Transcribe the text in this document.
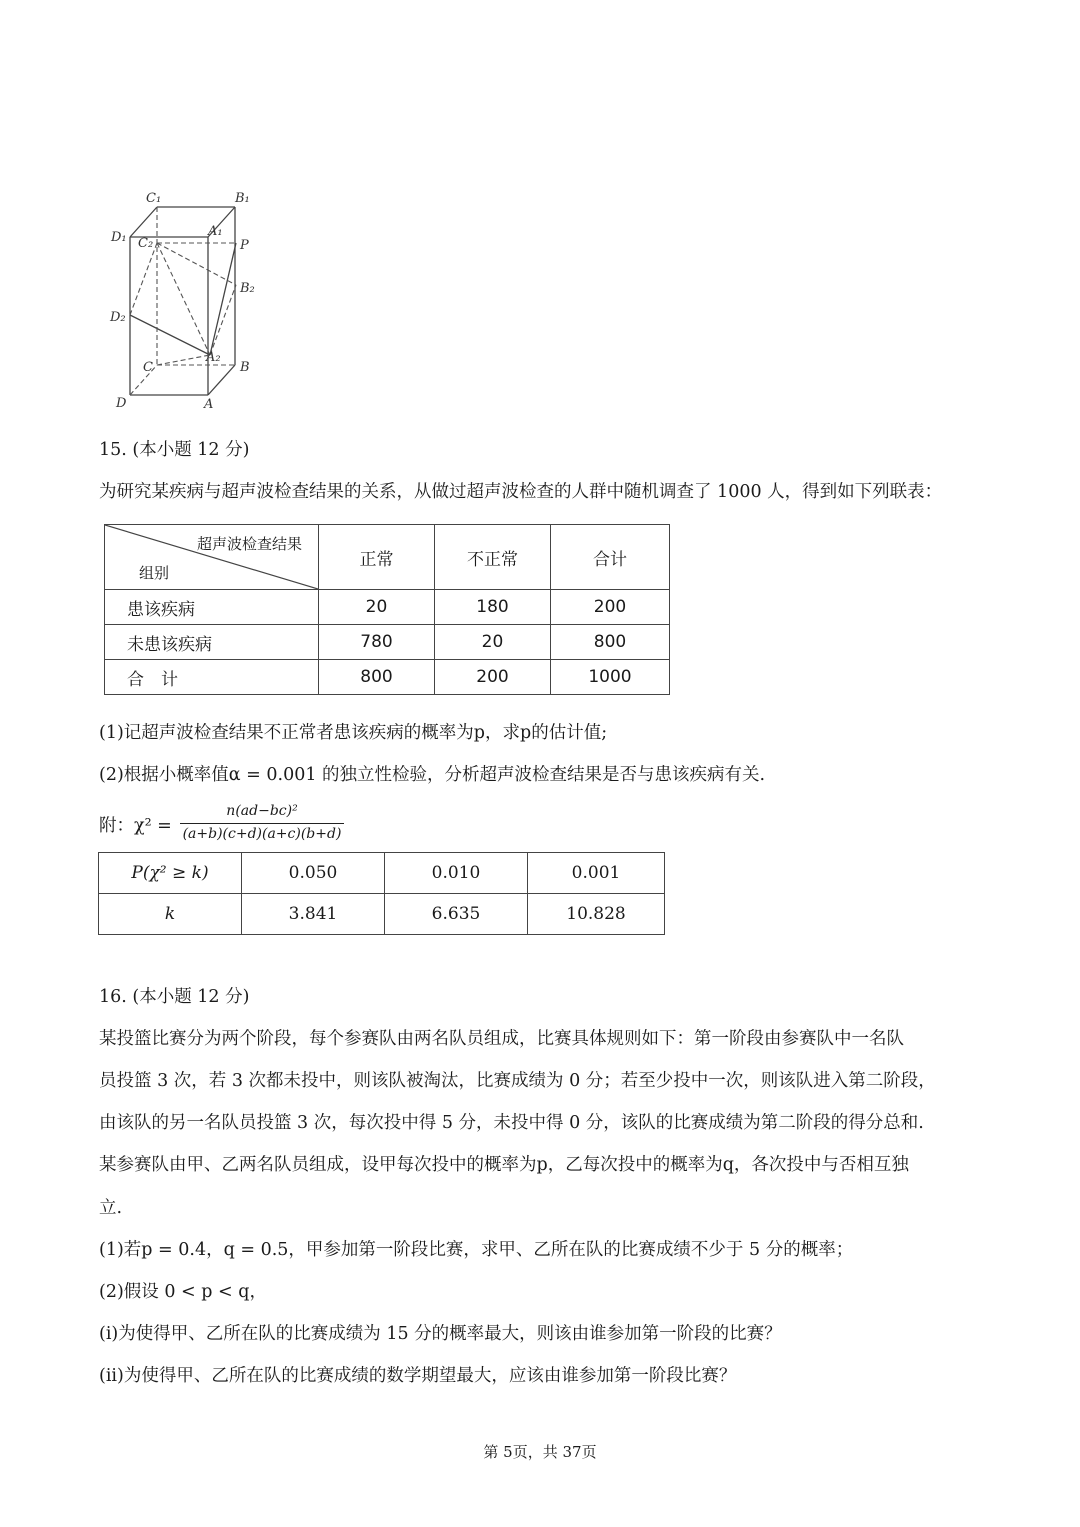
C₁	B₁
D₁ C₂
A₁
P
B₂
D₂
C
A₂
B
D	A
15. (本小题 12 分)
为研究某疾病与超声波检查结果的关系，从做过超声波检查的人群中随机调查了 1000 人，得到如下列联表：
超声波检查结果
组别	正常	不正常	合计
患该疾病	20	180	200
未患该疾病	780	20	800
合　计	800	200	1000
(1)记超声波检查结果不正常者患该疾病的概率为p，求p的估计值;
(2)根据小概率值α = 0.001 的独立性检验，分析超声波检查结果是否与患该疾病有关.
附：χ² =
n(ad−bc)²
(a+b)(c+d)(a+c)(b+d)
P(χ² ≥ k)	0.050	0.010	0.001
k	3.841	6.635	10.828
16. (本小题 12 分)
某投篮比赛分为两个阶段，每个参赛队由两名队员组成，比赛具体规则如下：第一阶段由参赛队中一名队
员投篮 3 次，若 3 次都未投中，则该队被淘汰，比赛成绩为 0 分；若至少投中一次，则该队进入第二阶段，
由该队的另一名队员投篮 3 次，每次投中得 5 分，未投中得 0 分，该队的比赛成绩为第二阶段的得分总和.
某参赛队由甲、乙两名队员组成，设甲每次投中的概率为p，乙每次投中的概率为q，各次投中与否相互独
立.
(1)若p = 0.4，q = 0.5，甲参加第一阶段比赛，求甲、乙所在队的比赛成绩不少于 5 分的概率；
(2)假设 0 < p < q，
(i)为使得甲、乙所在队的比赛成绩为 15 分的概率最大，则该由谁参加第一阶段的比赛？
(ii)为使得甲、乙所在队的比赛成绩的数学期望最大，应该由谁参加第一阶段比赛？
第 5页，共 37页
